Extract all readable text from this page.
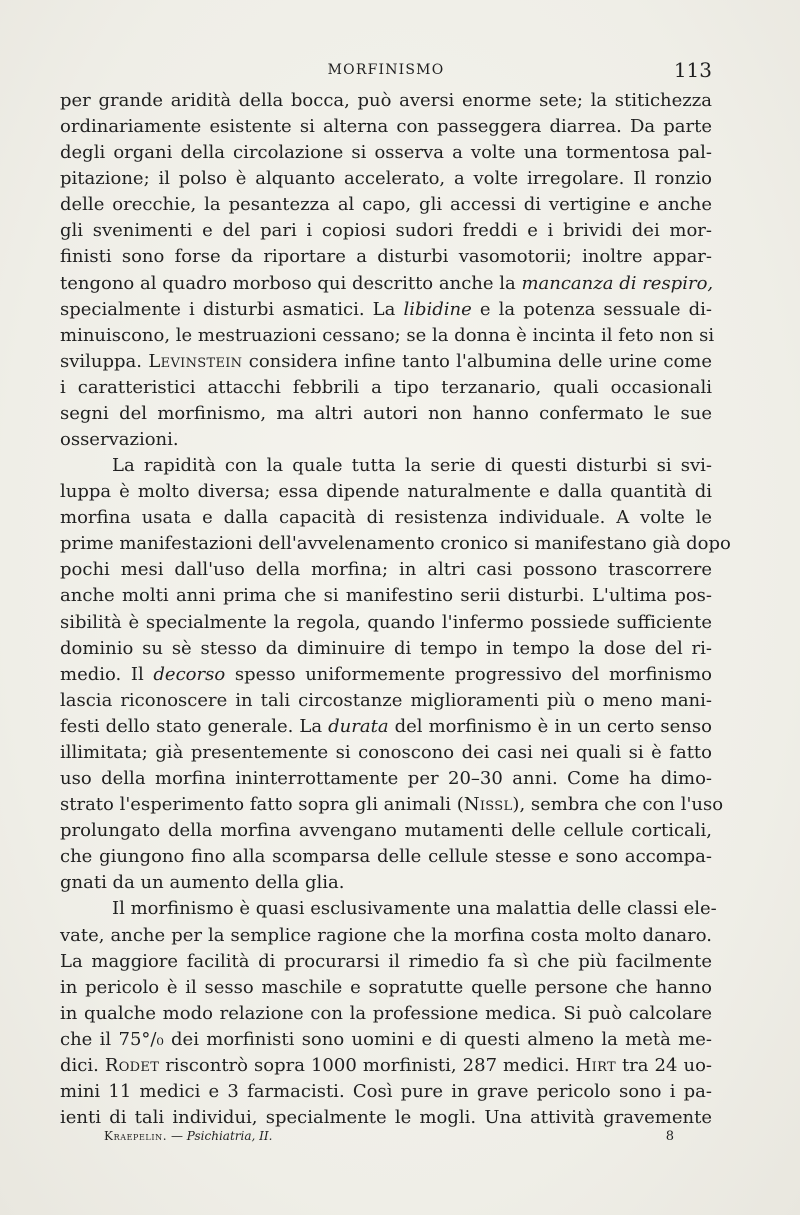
MORFINISMO	113
per grande aridità della bocca, può aversi enorme sete; la stitichezza
ordinariamente esistente si alterna con passeggera diarrea. Da parte
degli organi della circolazione si osserva a volte una tormentosa pal-
pitazione; il polso è alquanto accelerato, a volte irregolare. Il ronzio
delle orecchie, la pesantezza al capo, gli accessi di vertigine e anche
gli svenimenti e del pari i copiosi sudori freddi e i brividi dei mor-
finisti sono forse da riportare a disturbi vasomotorii; inoltre appar-
tengono al quadro morboso qui descritto anche la mancanza di respiro,
specialmente i disturbi asmatici. La libidine e la potenza sessuale di-
minuiscono, le mestruazioni cessano; se la donna è incinta il feto non si
sviluppa. Levinstein considera infine tanto l'albumina delle urine come
i caratteristici attacchi febbrili a tipo terzanario, quali occasionali
segni del morfinismo, ma altri autori non hanno confermato le sue
osservazioni.
La rapidità con la quale tutta la serie di questi disturbi si svi-
luppa è molto diversa; essa dipende naturalmente e dalla quantità di
morfina usata e dalla capacità di resistenza individuale. A volte le
prime manifestazioni dell'avvelenamento cronico si manifestano già dopo
pochi mesi dall'uso della morfina; in altri casi possono trascorrere
anche molti anni prima che si manifestino serii disturbi. L'ultima pos-
sibilità è specialmente la regola, quando l'infermo possiede sufficiente
dominio su sè stesso da diminuire di tempo in tempo la dose del ri-
medio. Il decorso spesso uniformemente progressivo del morfinismo
lascia riconoscere in tali circostanze miglioramenti più o meno mani-
festi dello stato generale. La durata del morfinismo è in un certo senso
illimitata; già presentemente si conoscono dei casi nei quali si è fatto
uso della morfina ininterrottamente per 20–30 anni. Come ha dimo-
strato l'esperimento fatto sopra gli animali (Nissl), sembra che con l'uso
prolungato della morfina avvengano mutamenti delle cellule corticali,
che giungono fino alla scomparsa delle cellule stesse e sono accompa-
gnati da un aumento della glia.
Il morfinismo è quasi esclusivamente una malattia delle classi ele-
vate, anche per la semplice ragione che la morfina costa molto danaro.
La maggiore facilità di procurarsi il rimedio fa sì che più facilmente
in pericolo è il sesso maschile e sopratutte quelle persone che hanno
in qualche modo relazione con la professione medica. Si può calcolare
che il 75°/₀ dei morfinisti sono uomini e di questi almeno la metà me-
dici. Rodet riscontrò sopra 1000 morfinisti, 287 medici. Hirt tra 24 uo-
mini 11 medici e 3 farmacisti. Così pure in grave pericolo sono i pa-
ienti di tali individui, specialmente le mogli. Una attività gravemente
Kraepelin. — Psichiatria, II.	8
